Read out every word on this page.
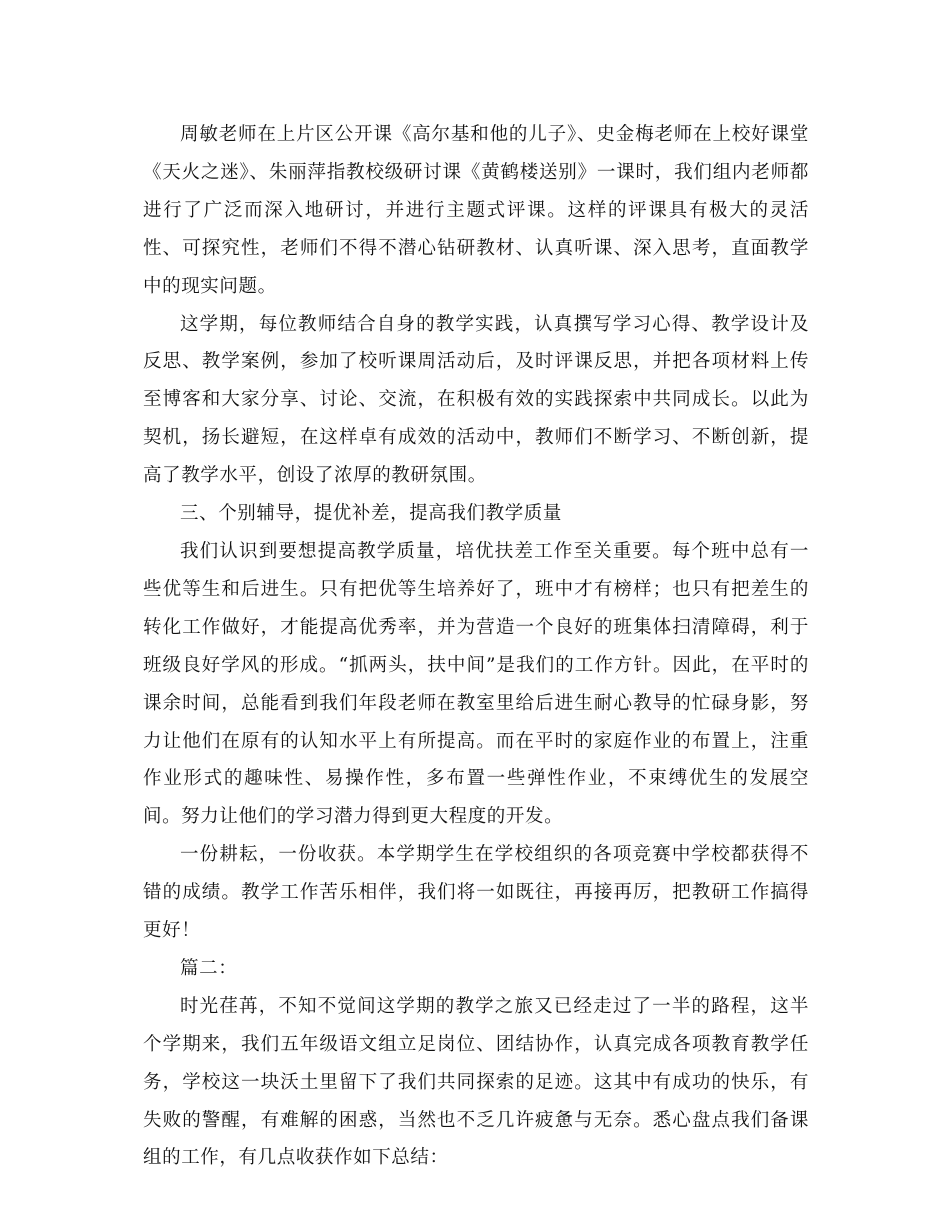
周敏老师在上片区公开课《高尔基和他的儿子》、史金梅老师在上校好课堂《天火之迷》、朱丽萍指教校级研讨课《黄鹤楼送别》一课时，我们组内老师都进行了广泛而深入地研讨，并进行主题式评课。这样的评课具有极大的灵活性、可探究性，老师们不得不潜心钻研教材、认真听课、深入思考，直面教学中的现实问题。

这学期，每位教师结合自身的教学实践，认真撰写学习心得、教学设计及反思、教学案例，参加了校听课周活动后，及时评课反思，并把各项材料上传至博客和大家分享、讨论、交流，在积极有效的实践探索中共同成长。以此为契机，扬长避短，在这样卓有成效的活动中，教师们不断学习、不断创新，提高了教学水平，创设了浓厚的教研氛围。

三、个别辅导，提优补差，提高我们教学质量

我们认识到要想提高教学质量，培优扶差工作至关重要。每个班中总有一些优等生和后进生。只有把优等生培养好了，班中才有榜样；也只有把差生的转化工作做好，才能提高优秀率，并为营造一个良好的班集体扫清障碍，利于班级良好学风的形成。“抓两头，扶中间”是我们的工作方针。因此，在平时的课余时间，总能看到我们年段老师在教室里给后进生耐心教导的忙碌身影，努力让他们在原有的认知水平上有所提高。而在平时的家庭作业的布置上，注重作业形式的趣味性、易操作性，多布置一些弹性作业，不束缚优生的发展空间。努力让他们的学习潜力得到更大程度的开发。

一份耕耘，一份收获。本学期学生在学校组织的各项竞赛中学校都获得不错的成绩。教学工作苦乐相伴，我们将一如既往，再接再厉，把教研工作搞得更好！

篇二：

时光荏苒，不知不觉间这学期的教学之旅又已经走过了一半的路程，这半个学期来，我们五年级语文组立足岗位、团结协作，认真完成各项教育教学任务，学校这一块沃土里留下了我们共同探索的足迹。这其中有成功的快乐，有失败的警醒，有难解的困惑，当然也不乏几许疲惫与无奈。悉心盘点我们备课组的工作，有几点收获作如下总结：
